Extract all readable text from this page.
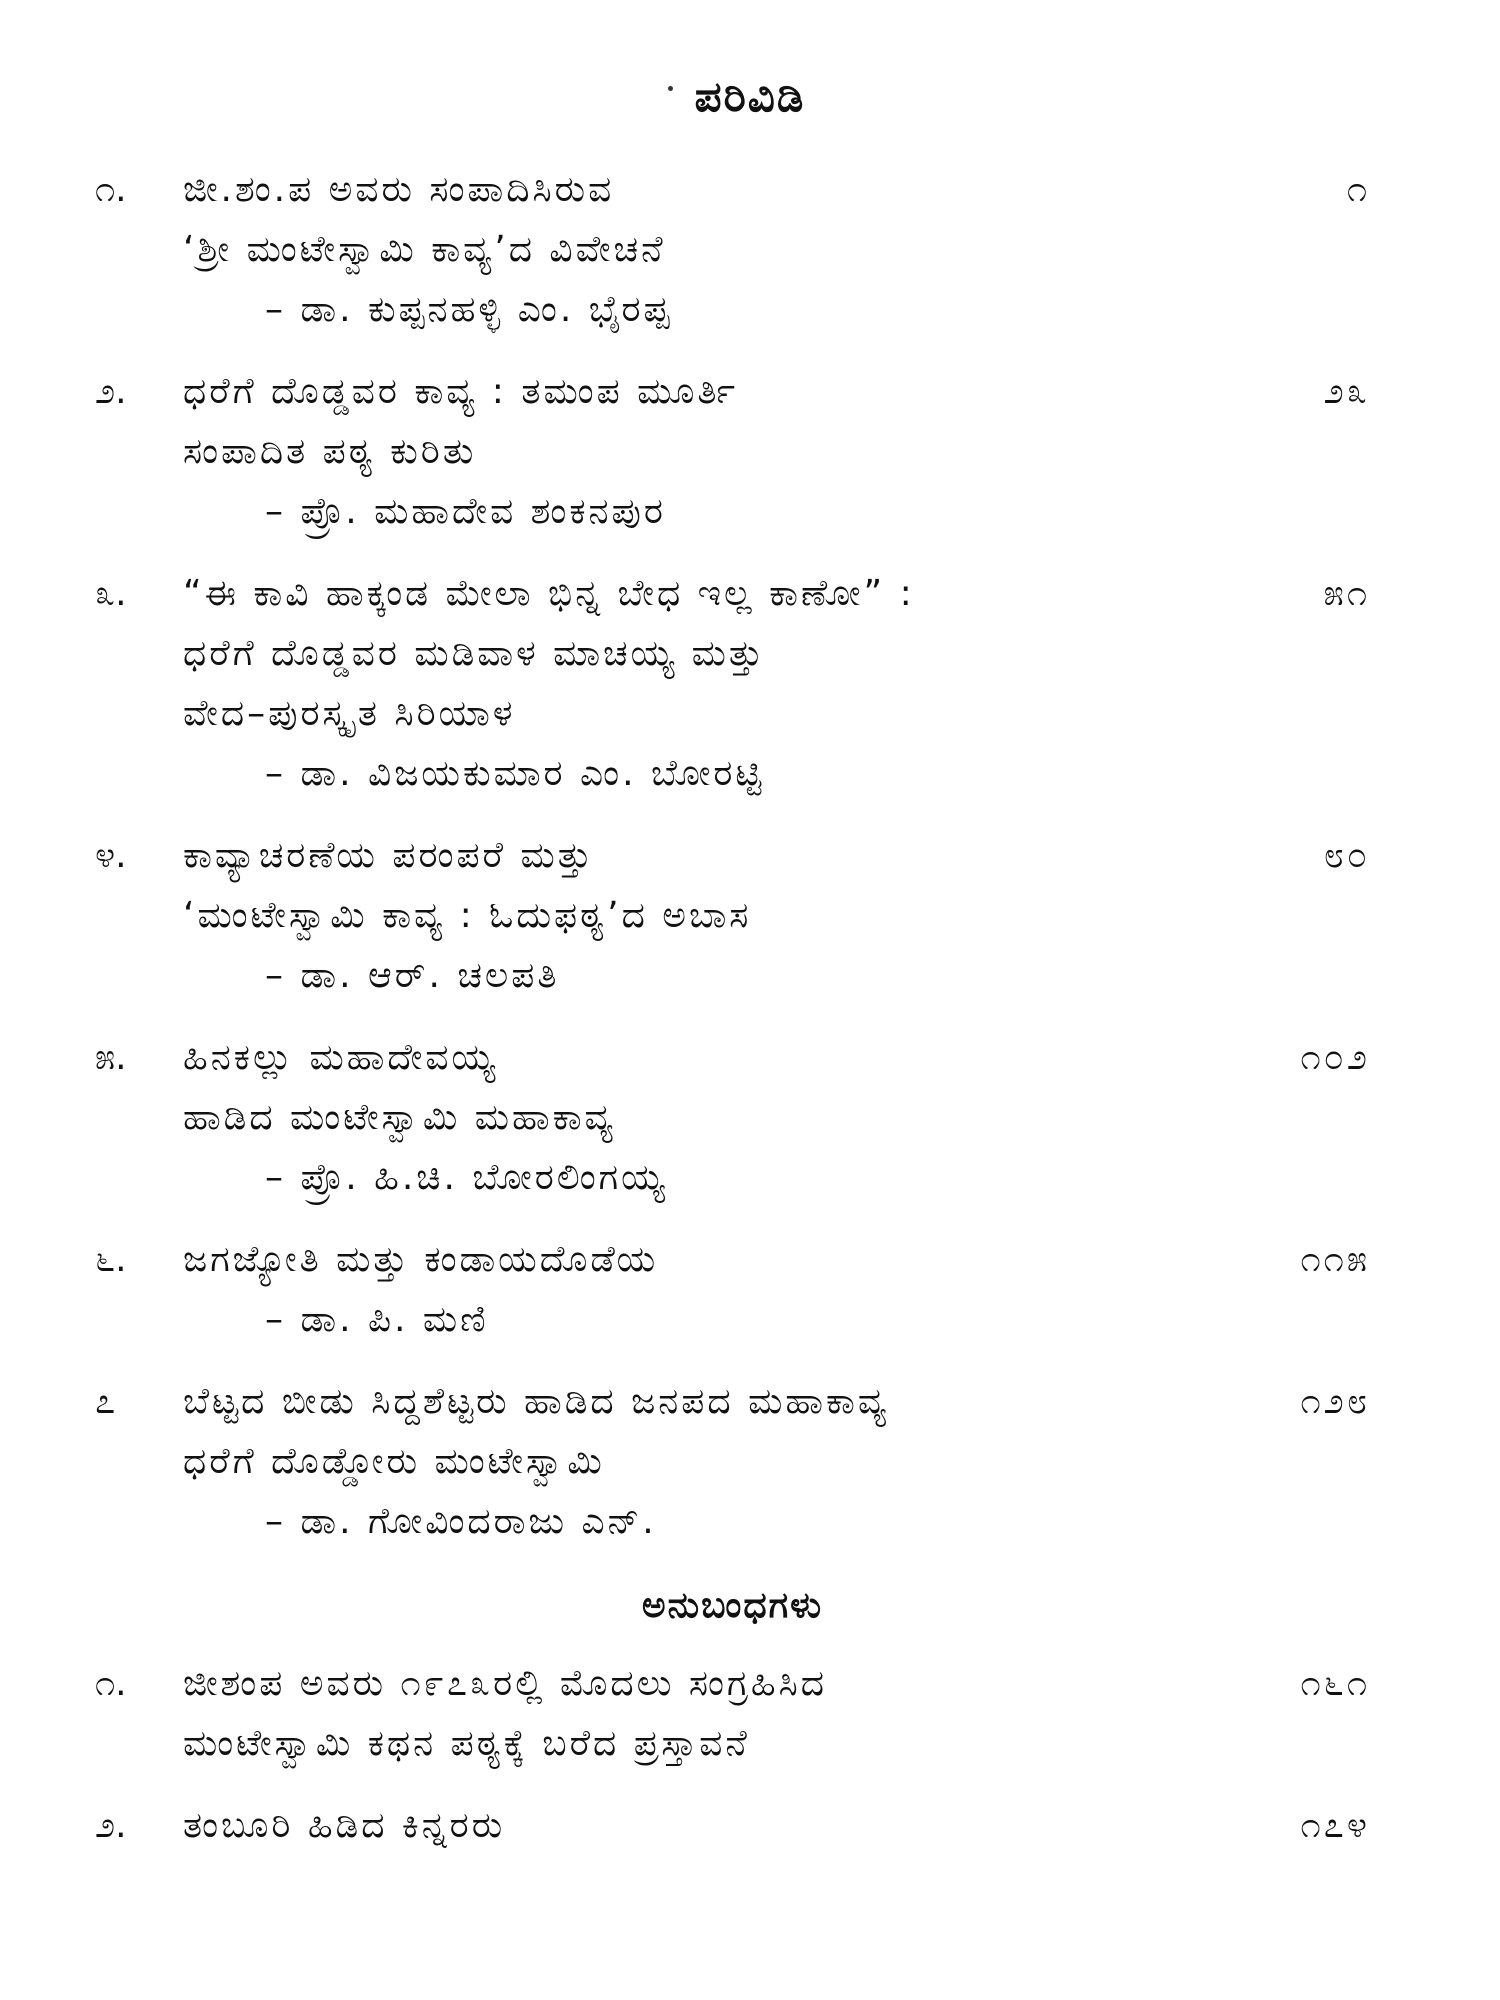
ಪರಿವಿಡಿ
೧.	ಜೀ.ಶಂ.ಪ ಅವರು ಸಂಪಾದಿಸಿರುವ	೧
‘ಶ್ರೀ ಮಂಟೇಸ್ವಾಮಿ ಕಾವ್ಯ’ದ ವಿವೇಚನೆ
– ಡಾ. ಕುಪ್ಪನಹಳ್ಳಿ ಎಂ. ಭೈರಪ್ಪ
೨.	ಧರೆಗೆ ದೊಡ್ಡವರ ಕಾವ್ಯ : ತಮಂಪ ಮೂರ್ತಿ	೨೩
ಸಂಪಾದಿತ ಪಠ್ಯ ಕುರಿತು
– ಪ್ರೊ. ಮಹಾದೇವ ಶಂಕನಪುರ
೩.	“ಈ ಕಾವಿ ಹಾಕ್ಕಂಡ ಮೇಲಾ ಭಿನ್ನ ಬೇಧ ಇಲ್ಲ ಕಾಣೋ” :	೫೧
ಧರೆಗೆ ದೊಡ್ಡವರ ಮಡಿವಾಳ ಮಾಚಯ್ಯ ಮತ್ತು
ವೇದ–ಪುರಸ್ಕೃತ ಸಿರಿಯಾಳ
– ಡಾ. ವಿಜಯಕುಮಾರ ಎಂ. ಬೋರಟ್ಟಿ
೪.	ಕಾವ್ಯಾಚರಣೆಯ ಪರಂಪರೆ ಮತ್ತು	೮೦
‘ಮಂಟೇಸ್ವಾಮಿ ಕಾವ್ಯ : ಓದುಫಠ್ಯ’ದ ಅಬಾಸ
– ಡಾ. ಆರ್. ಚಲಪತಿ
೫.	ಹಿನಕಲ್ಲು ಮಹಾದೇವಯ್ಯ	೧೦೨
ಹಾಡಿದ ಮಂಟೇಸ್ವಾಮಿ ಮಹಾಕಾವ್ಯ
– ಪ್ರೊ. ಹಿ.ಚಿ. ಬೋರಲಿಂಗಯ್ಯ
೬.	ಜಗಜ್ಯೋತಿ ಮತ್ತು ಕಂಡಾಯದೊಡೆಯ	೧೧೫
– ಡಾ. ಪಿ. ಮಣಿ
೭	ಬೆಟ್ಟದ ಬೀಡು ಸಿದ್ದಶೆಟ್ಟರು ಹಾಡಿದ ಜನಪದ ಮಹಾಕಾವ್ಯ	೧೨೮
ಧರೆಗೆ ದೊಡ್ಡೋರು ಮಂಟೇಸ್ವಾಮಿ
– ಡಾ. ಗೋವಿಂದರಾಜು ಎನ್.
ಅನುಬಂಧಗಳು
೧.	ಜೀಶಂಪ ಅವರು ೧೯೭೩ರಲ್ಲಿ ಮೊದಲು ಸಂಗ್ರಹಿಸಿದ	೧೬೧
ಮಂಟೇಸ್ವಾಮಿ ಕಥನ ಪಠ್ಯಕ್ಕೆ ಬರೆದ ಪ್ರಸ್ತಾವನೆ
೨.	ತಂಬೂರಿ ಹಿಡಿದ ಕಿನ್ನರರು	೧೭೪
